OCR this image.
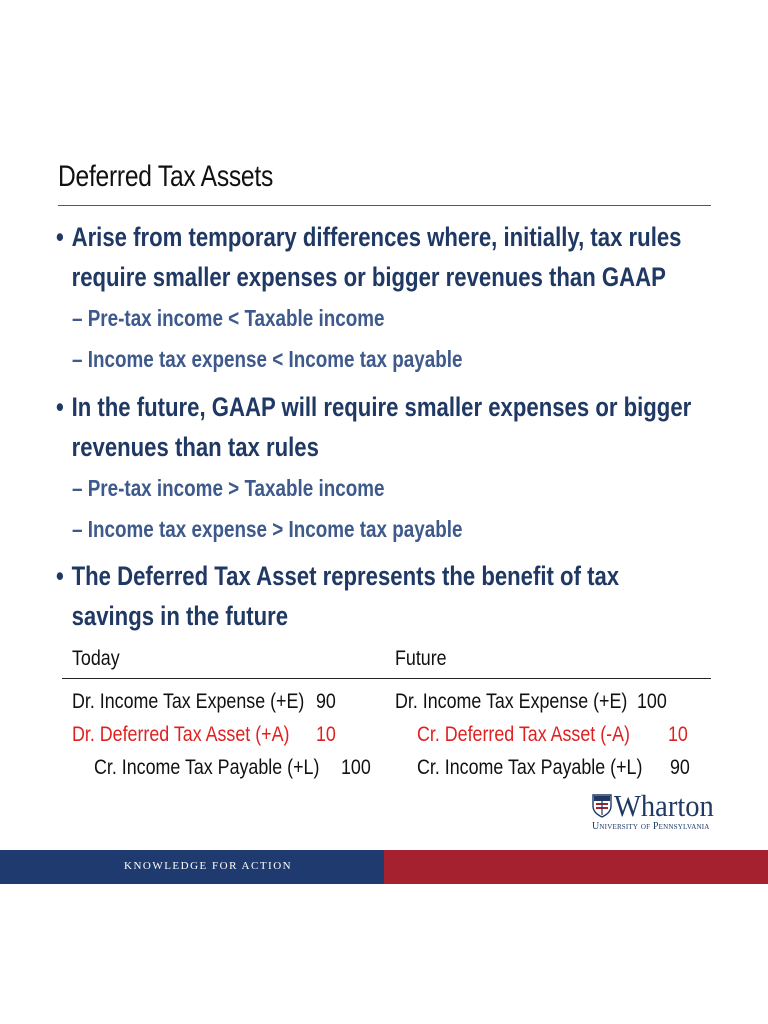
Deferred Tax Assets
• Arise from temporary differences where, initially, tax rules require smaller expenses or bigger revenues than GAAP
– Pre-tax income < Taxable income
– Income tax expense < Income tax payable
• In the future, GAAP will require smaller expenses or bigger revenues than tax rules
– Pre-tax income > Taxable income
– Income tax expense > Income tax payable
• The Deferred Tax Asset represents the benefit of tax savings in the future
Today	Future
Dr. Income Tax Expense (+E) 90
Dr. Deferred Tax Asset (+A) 10
Cr. Income Tax Payable (+L) 100
Dr. Income Tax Expense (+E) 100
Cr. Deferred Tax Asset (-A) 10
Cr. Income Tax Payable (+L) 90
Wharton
University of Pennsylvania
KNOWLEDGE FOR ACTION
